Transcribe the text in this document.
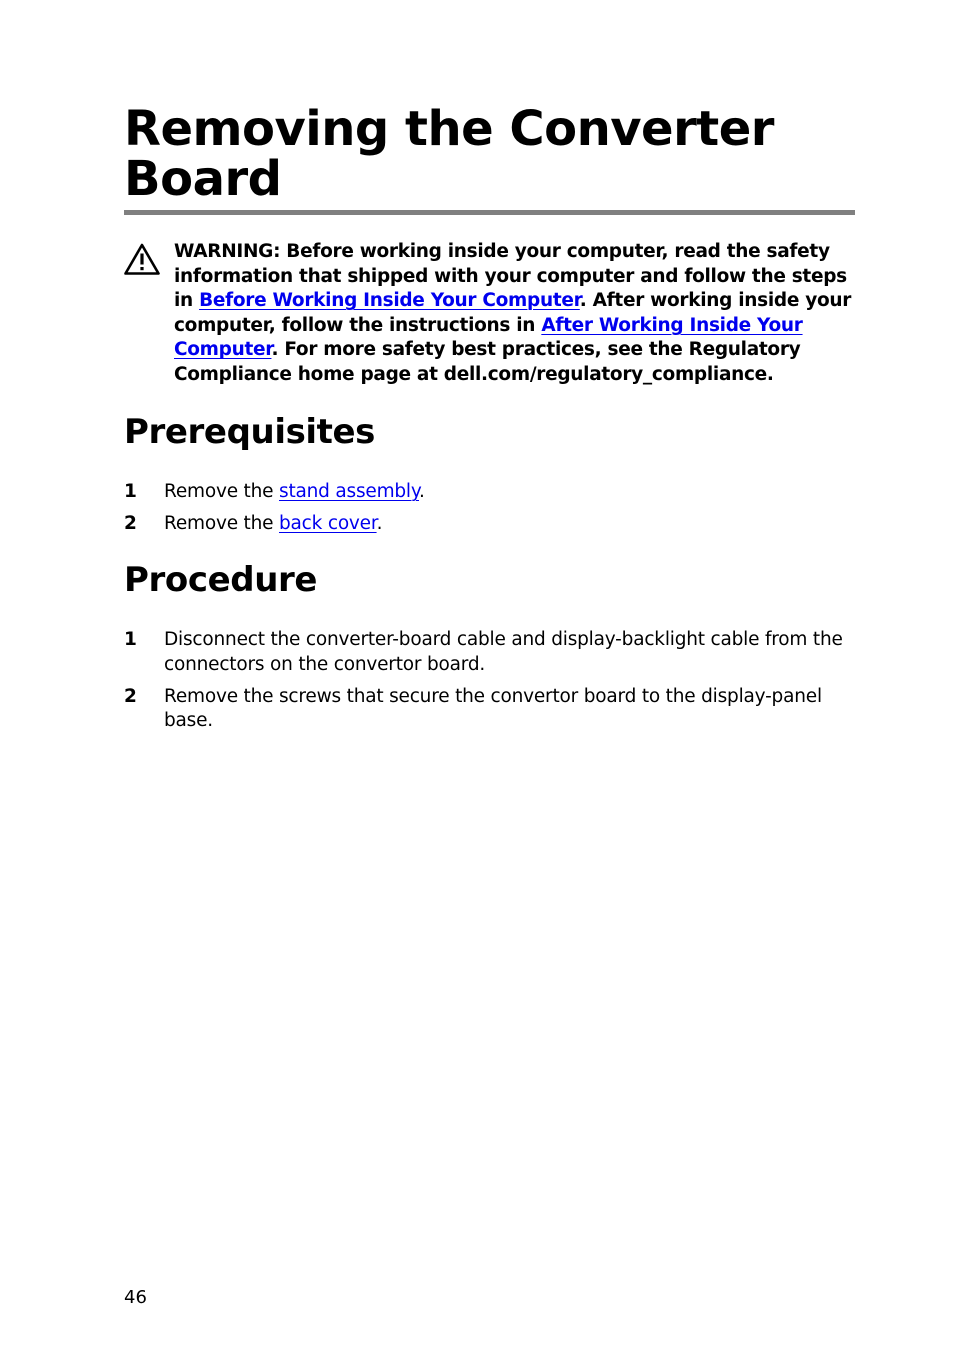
Removing the Converter Board

WARNING: Before working inside your computer, read the safety information that shipped with your computer and follow the steps in Before Working Inside Your Computer. After working inside your computer, follow the instructions in After Working Inside Your Computer. For more safety best practices, see the Regulatory Compliance home page at dell.com/regulatory_compliance.

Prerequisites
1 Remove the stand assembly.
2 Remove the back cover.
Procedure
1 Disconnect the converter-board cable and display-backlight cable from the connectors on the convertor board.
2 Remove the screws that secure the convertor board to the display-panel base.

46
